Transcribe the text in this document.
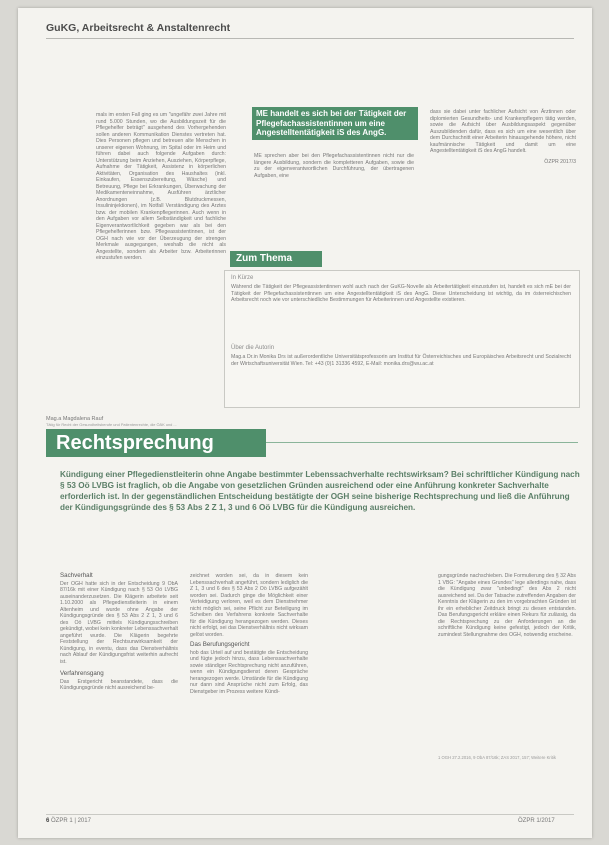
GuKG, Arbeitsrecht & Anstaltenrecht

mals im ersten Fall ging es um "ungefähr zwei Jahre mit rund 5.000 Stunden, wo die Ausbildungszeit für die Pflegehelfer beträgt" ausgehend des Vorhergehenden sollen anderen Kommunikation Dienstes vertreten hat. Dies Personen pflegen und betreuen alte Menschen in unserer eigenen Wohnung, im Spital oder im Heim und führen dabei auch folgende Aufgaben durch: Unterstützung beim Anziehen, Ausziehen, Körperpflege, Aufnahme der Tätigkeit, Assistenz in körperlichen Aktivitäten, Organisation des Haushaltes (inkl. Einkaufen, Essenszubereitung, Wäsche) und Betreuung, Pflege bei Erkrankungen, Überwachung der Medikamenteneinnahme, Ausführen ärztlicher Anordnungen (z.B. Blutdruckmessen, Insulininjektionen), im Notfall Verständigung des Arztes bzw. der mobilen Krankenpflegerinnen. Auch wenn in den Aufgaben vor allem Selbständigkeit und fachliche Eigenverantwortlichkeit gegeben war als bei den Pflegehelferinnen bzw. Pflegeassistentinnen, ist der OGH nach wie vor der Überzeugung der strengen Merkmale ausgegangen, weshalb die nicht als Angestellte, sondern als Arbeiter bzw. Arbeiterinnen einzustufen werden.

ME handelt es sich bei der Tätigkeit der Pflegefachassistentinnen um eine Angestelltentätigkeit iS des AngG.

ME sprechen aber bei den Pflegefachassistentinnen nicht nur die längere Ausbildung, sondern die kompletteren Aufgaben, sowie die zu der eigenverantwortlichen Durchführung, der übertragenen Aufgaben, eine

dass sie dabei unter fachlicher Aufsicht von Ärztinnen oder diplomierten Gesundheits- und Krankenpflegern tätig werden, sowie die Aufsicht über Ausbildungsaspekt gegenüber Auszubildenden dafür, dass es sich um eine wesentlich über dem Durchschnitt einer Arbeiterin hinausgehende höhere, nicht kaufmännische Tätigkeit und damit um eine Angestelltentätigkeit iS des AngG handelt.

ÖZPR 2017/3

Zum Thema
In Kürze
Während die Tätigkeit der Pflegeassistentinnen wohl auch nach der GuKG-Novelle als Arbeitertätigkeit einzustufen ist, handelt es sich mE bei der Tätigkeit der Pflegefachassistentinnen um eine Angestelltentätigkeit iS des AngG. Diese Unterscheidung ist wichtig, da im österreichischen Arbeitsrecht noch wie vor unterschiedliche Bestimmungen für Arbeiterinnen und Angestellte existieren.
Über die Autorin
Mag.a Dr.in Monika Drs ist außerordentliche Universitätsprofessorin am Institut für Österreichisches und Europäisches Arbeitsrecht und Sozialrecht der Wirtschaftsuniversität Wien. Tel: +43 (0)1 31336 4592, E-Mail: monika.drs@wu.ac.at
Mag.a Magdalena Rauf
Tätig für Recht der Gesundheitsberufe und Patientenrechte, die ÖÄK und ...
Rechtsprechung
Kündigung einer Pflegedienstleiterin ohne Angabe bestimmter Lebenssachverhalte rechtswirksam? Bei schriftlicher Kündigung nach § 53 Oö LVBG ist fraglich, ob die Angabe von gesetzlichen Gründen ausreichend oder eine Anführung konkreter Sachverhalte erforderlich ist. In der gegenständlichen Entscheidung bestätigte der OGH seine bisherige Rechtsprechung und ließ die Anführung der Kündigungsgründe des § 53 Abs 2 Z 1, 3 und 6 Oö LVBG für die Kündigung ausreichen.

Sachverhalt

Der OGH hatte sich in der Entscheidung 9 ObA 87/16k mit einer Kündigung nach § 53 Oö LVBG auseinanderzusetzen. Die Klägerin arbeitete seit 1.10.2000 als Pflegedienstleiterin in einem Altenheim und wurde ohne Angabe der Kündigungsgründe des § 53 Abs 2 Z 1, 3 und 6 des Oö LVBG mittels Kündigungsschreiben gekündigt, wobei kein konkreter Lebenssachverhalt angeführt wurde. Die Klägerin begehrte Feststellung der Rechtsunwirksamkeit der Kündigung, in eventu, dass das Dienstverhältnis nach Ablauf der Kündigungsfrist weiterhin aufrecht ist.

Verfahrensgang

Das Erstgericht beanstandete, dass die Kündigungsgründe nicht ausreichend be-

zeichnet worden sei, da in diesem kein Lebenssachverhalt angeführt, sondern lediglich die Z 1, 3 und 6 des § 53 Abs 2 Oö LVBG aufgezählt worden sei. Dadurch ginge die Möglichkeit einer Verteidigung verloren, weil es dem Dienstnehmer nicht möglich sei, seine Pflicht zur Beteiligung im Scheiben des Verfahrens konkrete Sachverhalte für die Kündigung herangezogen werden. Dieses nicht erfolgt, sei das Dienstverhältnis nicht wirksam gelöst worden.

Das Berufungsgericht

hob das Urteil auf und bestätigte die Entscheidung und fügte jedoch hinzu, dass Lebenssachverhalte sowie ständiger Rechtsprechung nicht anzuführen, wenn ein Kündigungsdienst deren Gespräche herangezogen werde. Umstände für die Kündigung nur dann sind Ansprüche nicht zum Erfolg, das Dienstgeber im Prozess weitere Kündi-

gungsgründe nachschieben. Die Formulierung des § 32 Abs 1 VBG: "Angabe eines Grundes" lege allerdings nahe, dass die Kündigung zwar "unbedingt" des Abs 2 nicht ausreichend sei. Da der Tatsache zutreffenden Angaben der Kenntnis der Klägerin zu den im vorgebrachten Gründen ist ihr ein erheblicher Zeitdruck bringt zu diesen entstanden. Das Berufungsgericht erkläre einen Rekurs für zulässig, da die Rechtsprechung zu der Anforderungen an die schriftliche Kündigung keine gefestigt, jedoch der Kritik, zumindest Stellungnahme des OGH, notwendig erscheine.

1 OGH 27.2.2016, 9 ObA 87/16k; ZAS 2017, 157; Weitere Kritik
6 ÖZPR 1 | 2017	ÖZPR 1/2017
